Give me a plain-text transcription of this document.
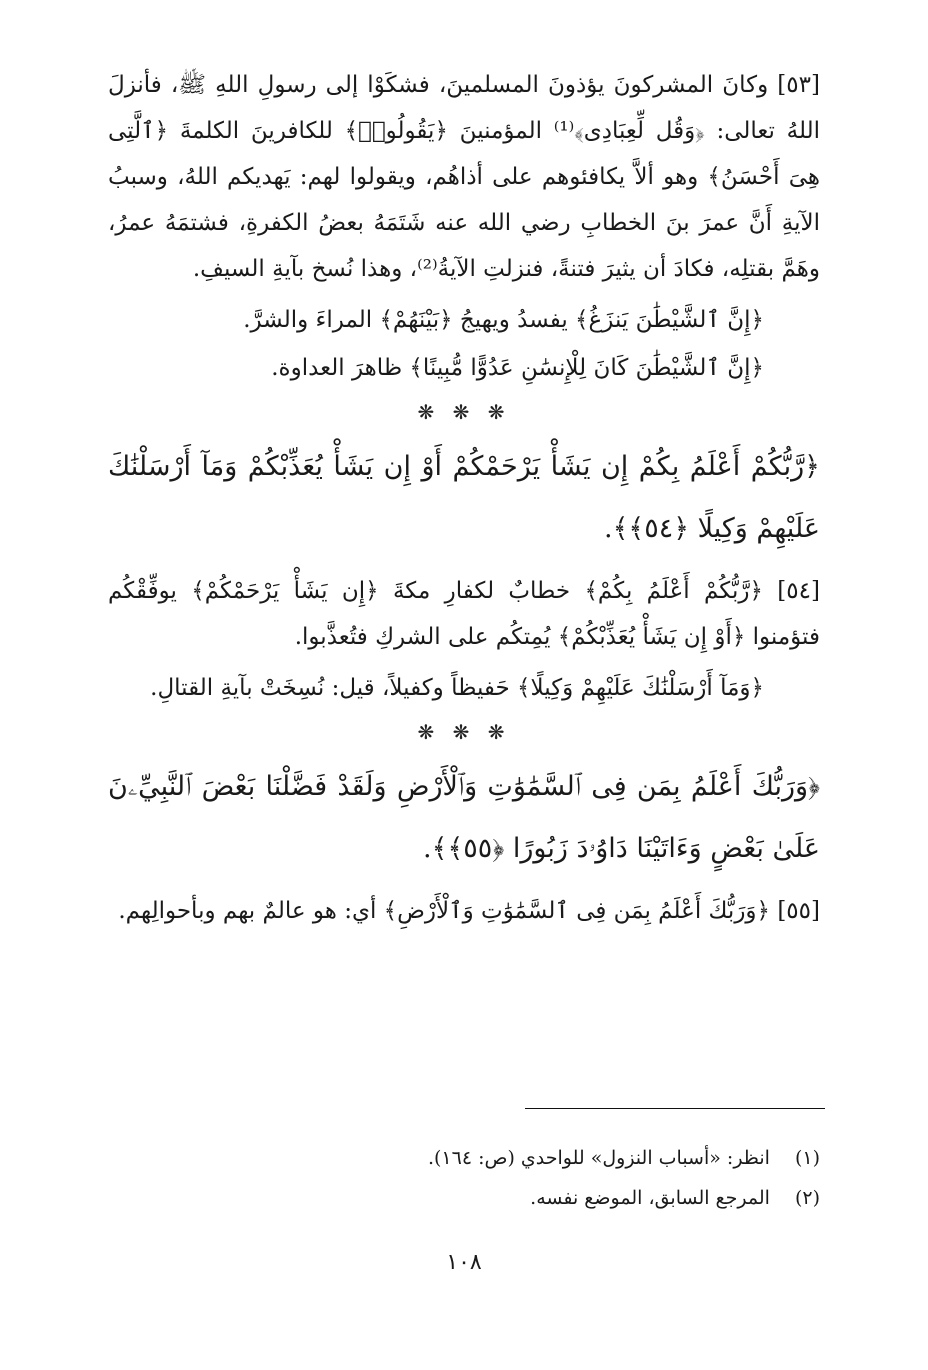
[٥٣] وكانَ المشركونَ يؤذونَ المسلمينَ، فشكَوْا إلى رسولِ اللهِ ﷺ، فأنزلَ اللهُ تعالى: ﴿وَقُل لِّعِبَادِى﴾⁽¹⁾ المؤمنينَ ﴿يَقُولُوا۟﴾ للكافرينَ الكلمةَ ﴿ٱلَّتِى هِىَ أَحْسَنُ﴾ وهو ألاَّ يكافئوهم على أذاهُم، ويقولوا لهم: يَهديكم اللهُ، وسببُ الآيةِ أَنَّ عمرَ بنَ الخطابِ رضي الله عنه شَتَمَهُ بعضُ الكفرةِ، فشتمَهُ عمرُ، وهَمَّ بقتلِه، فكادَ أن يثيرَ فتنةً، فنزلتِ الآيةُ⁽²⁾، وهذا نُسخ بآيةِ السيفِ.

﴿إِنَّ ٱلشَّيْطَٰنَ يَنزَغُ﴾ يفسدُ ويهيجُ ﴿بَيْنَهُمْ﴾ المراءَ والشرَّ.

﴿إِنَّ ٱلشَّيْطَٰنَ كَانَ لِلْإِنسَٰنِ عَدُوًّا مُّبِينًا﴾ ظاهرَ العداوة.

❋ ❋ ❋

﴿رَّبُّكُمْ أَعْلَمُ بِكُمْ إِن يَشَأْ يَرْحَمْكُمْ أَوْ إِن يَشَأْ يُعَذِّبْكُمْ وَمَآ أَرْسَلْنَٰكَ عَلَيْهِمْ وَكِيلًا ﴿٥٤﴾﴾.

[٥٤] ﴿رَّبُّكُمْ أَعْلَمُ بِكُمْ﴾ خطابٌ لكفارِ مكةَ ﴿إِن يَشَأْ يَرْحَمْكُمْ﴾ يوفِّقْكُم فتؤمنوا ﴿أَوْ إِن يَشَأْ يُعَذِّبْكُمْ﴾ يُمِتكُم على الشركِ فتُعذَّبوا.

﴿وَمَآ أَرْسَلْنَٰكَ عَلَيْهِمْ وَكِيلًا﴾ حَفيظاً وكفيلاً، قيل: نُسِخَتْ بآيةِ القتالِ.

❋ ❋ ❋

﴿وَرَبُّكَ أَعْلَمُ بِمَن فِى ٱلسَّمَٰوَٰتِ وَٱلْأَرْضِ وَلَقَدْ فَضَّلْنَا بَعْضَ ٱلنَّبِيِّۦنَ عَلَىٰ بَعْضٍ وَءَاتَيْنَا دَاوُۥدَ زَبُورًا ﴿٥٥﴾﴾.

[٥٥] ﴿وَرَبُّكَ أَعْلَمُ بِمَن فِى ٱلسَّمَٰوَٰتِ وَٱلْأَرْضِ﴾ أي: هو عالمٌ بهم وبأحوالِهم.

(١) انظر: «أسباب النزول» للواحدي (ص: ١٦٤).
(٢) المرجع السابق، الموضع نفسه.
١٠٨
